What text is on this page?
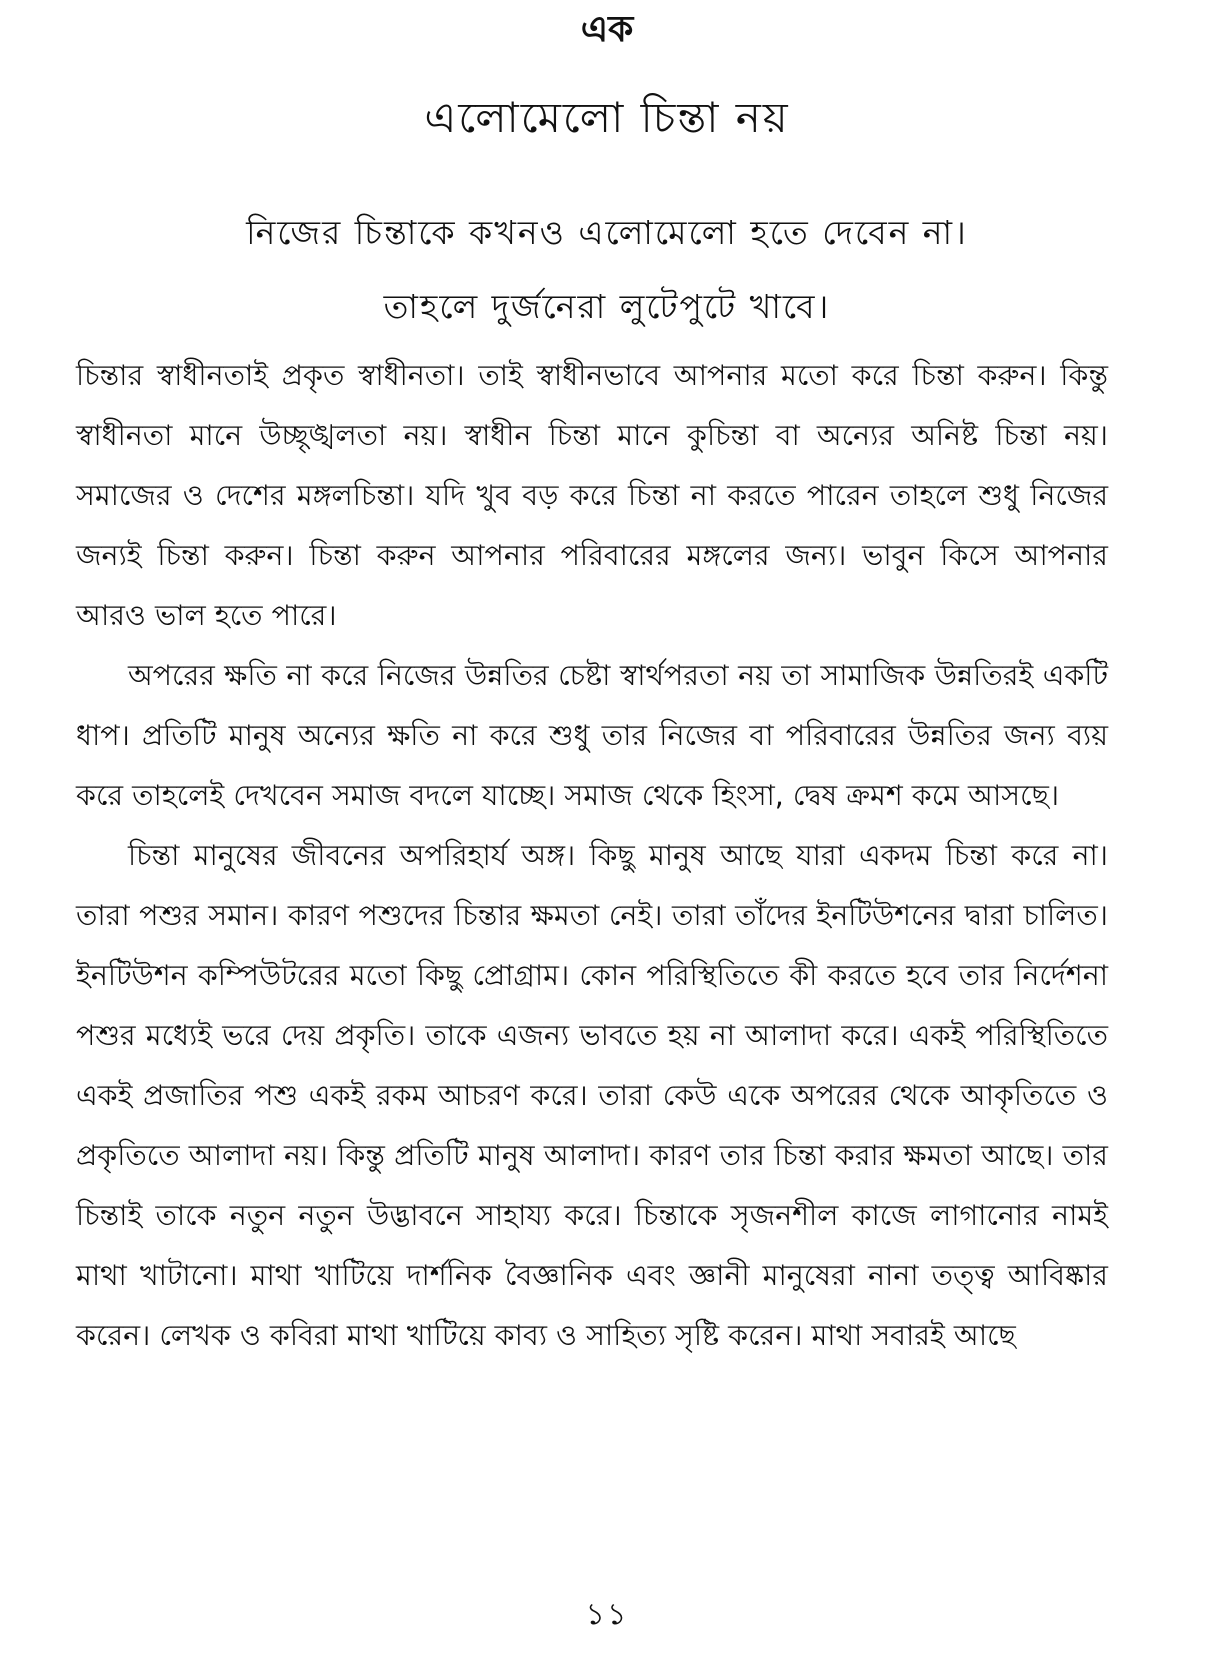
এক
এলোমেলো চিন্তা নয়
নিজের চিন্তাকে কখনও এলোমেলো হতে দেবেন না।
তাহলে দুর্জনেরা লুটেপুটে খাবে।

চিন্তার স্বাধীনতাই প্রকৃত স্বাধীনতা। তাই স্বাধীনভাবে আপনার মতো করে চিন্তা করুন। কিন্তু স্বাধীনতা মানে উচ্ছৃঙ্খলতা নয়। স্বাধীন চিন্তা মানে কুচিন্তা বা অন্যের অনিষ্ট চিন্তা নয়। সমাজের ও দেশের মঙ্গলচিন্তা। যদি খুব বড় করে চিন্তা না করতে পারেন তাহলে শুধু নিজের জন্যই চিন্তা করুন। চিন্তা করুন আপনার পরিবারের মঙ্গলের জন্য। ভাবুন কিসে আপনার আরও ভাল হতে পারে।

অপরের ক্ষতি না করে নিজের উন্নতির চেষ্টা স্বার্থপরতা নয় তা সামাজিক উন্নতিরই একটি ধাপ। প্রতিটি মানুষ অন্যের ক্ষতি না করে শুধু তার নিজের বা পরিবারের উন্নতির জন্য ব্যয় করে তাহলেই দেখবেন সমাজ বদলে যাচ্ছে। সমাজ থেকে হিংসা, দ্বেষ ক্রমশ কমে আসছে।

চিন্তা মানুষের জীবনের অপরিহার্য অঙ্গ। কিছু মানুষ আছে যারা একদম চিন্তা করে না। তারা পশুর সমান। কারণ পশুদের চিন্তার ক্ষমতা নেই। তারা তাঁদের ইনটিউশনের দ্বারা চালিত। ইনটিউশন কম্পিউটরের মতো কিছু প্রোগ্রাম। কোন পরিস্থিতিতে কী করতে হবে তার নির্দেশনা পশুর মধ্যেই ভরে দেয় প্রকৃতি। তাকে এজন্য ভাবতে হয় না আলাদা করে। একই পরিস্থিতিতে একই প্রজাতির পশু একই রকম আচরণ করে। তারা কেউ একে অপরের থেকে আকৃতিতে ও প্রকৃতিতে আলাদা নয়। কিন্তু প্রতিটি মানুষ আলাদা। কারণ তার চিন্তা করার ক্ষমতা আছে। তার চিন্তাই তাকে নতুন নতুন উদ্ভাবনে সাহায্য করে। চিন্তাকে সৃজনশীল কাজে লাগানোর নামই মাথা খাটানো। মাথা খাটিয়ে দার্শনিক বৈজ্ঞানিক এবং জ্ঞানী মানুষেরা নানা তত্ত্ব আবিষ্কার করেন। লেখক ও কবিরা মাথা খাটিয়ে কাব্য ও সাহিত্য সৃষ্টি করেন। মাথা সবারই আছে

১১
